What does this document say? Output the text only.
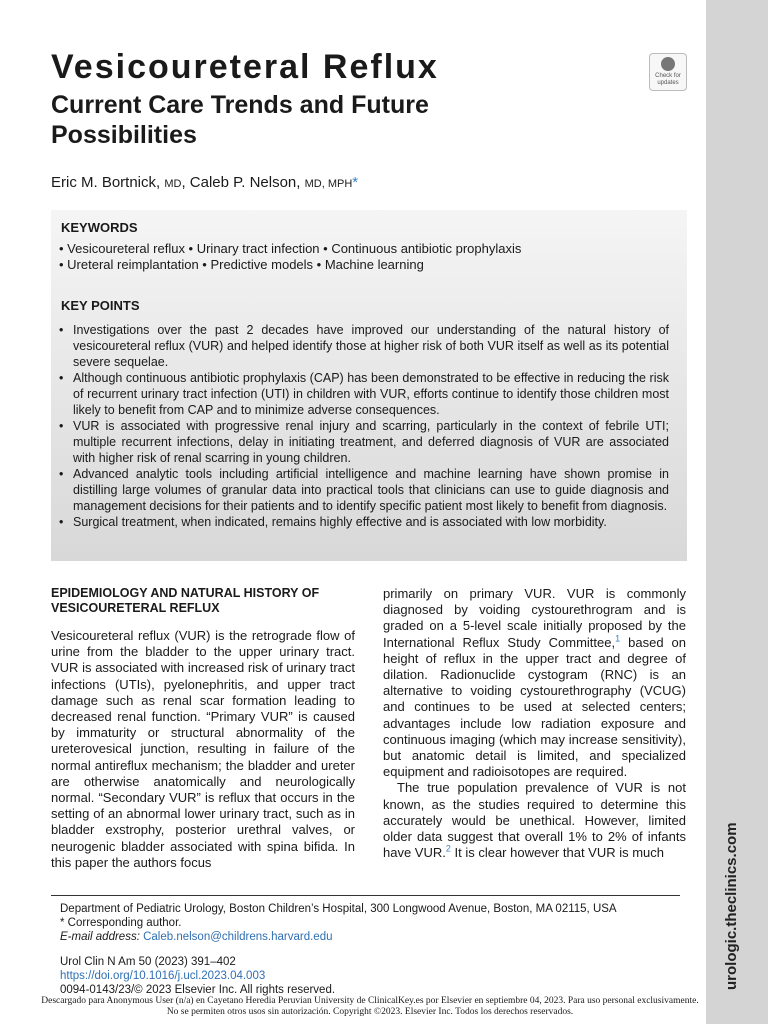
urologic.theclinics.com
Vesicoureteral Reflux
Current Care Trends and Future Possibilities
Check for updates

Eric M. Bortnick, MD, Caleb P. Nelson, MD, MPH*

KEYWORDS
• Vesicoureteral reflux • Urinary tract infection • Continuous antibiotic prophylaxis
• Ureteral reimplantation • Predictive models • Machine learning
KEY POINTS
• Investigations over the past 2 decades have improved our understanding of the natural history of vesicoureteral reflux (VUR) and helped identify those at higher risk of both VUR itself as well as its potential severe sequelae.
• Although continuous antibiotic prophylaxis (CAP) has been demonstrated to be effective in reducing the risk of recurrent urinary tract infection (UTI) in children with VUR, efforts continue to identify those children most likely to benefit from CAP and to minimize adverse consequences.
• VUR is associated with progressive renal injury and scarring, particularly in the context of febrile UTI; multiple recurrent infections, delay in initiating treatment, and deferred diagnosis of VUR are associated with higher risk of renal scarring in young children.
• Advanced analytic tools including artificial intelligence and machine learning have shown promise in distilling large volumes of granular data into practical tools that clinicians can use to guide diagnosis and management decisions for their patients and to identify specific patient most likely to benefit from diagnosis.
• Surgical treatment, when indicated, remains highly effective and is associated with low morbidity.
EPIDEMIOLOGY AND NATURAL HISTORY OF VESICOURETERAL REFLUX

Vesicoureteral reflux (VUR) is the retrograde flow of urine from the bladder to the upper urinary tract. VUR is associated with increased risk of urinary tract infections (UTIs), pyelonephritis, and upper tract damage such as renal scar formation leading to decreased renal function. “Primary VUR” is caused by immaturity or structural abnormality of the ureterovesical junction, resulting in failure of the normal antireflux mechanism; the bladder and ureter are otherwise anatomically and neurologically normal. “Secondary VUR” is reflux that occurs in the setting of an abnormal lower urinary tract, such as in bladder exstrophy, posterior urethral valves, or neurogenic bladder associated with spina bifida. In this paper the authors focus

primarily on primary VUR. VUR is commonly diagnosed by voiding cystourethrogram and is graded on a 5-level scale initially proposed by the International Reflux Study Committee,$^1$ based on height of reflux in the upper tract and degree of dilation. Radionuclide cystogram (RNC) is an alternative to voiding cystourethrography (VCUG) and continues to be used at selected centers; advantages include low radiation exposure and continuous imaging (which may increase sensitivity), but anatomic detail is limited, and specialized equipment and radioisotopes are required.

The true population prevalence of VUR is not known, as the studies required to determine this accurately would be unethical. However, limited older data suggest that overall 1% to 2% of infants have VUR.$^2$ It is clear however that VUR is much

Department of Pediatric Urology, Boston Children’s Hospital, 300 Longwood Avenue, Boston, MA 02115, USA

* Corresponding author.

E-mail address: Caleb.nelson@childrens.harvard.edu

Urol Clin N Am 50 (2023) 391–402

https://doi.org/10.1016/j.ucl.2023.04.003

0094-0143/23/© 2023 Elsevier Inc. All rights reserved.

Descargado para Anonymous User (n/a) en Cayetano Heredia Peruvian University de ClinicalKey.es por Elsevier en septiembre 04, 2023. Para uso personal exclusivamente. No se permiten otros usos sin autorización. Copyright ©2023. Elsevier Inc. Todos los derechos reservados.
